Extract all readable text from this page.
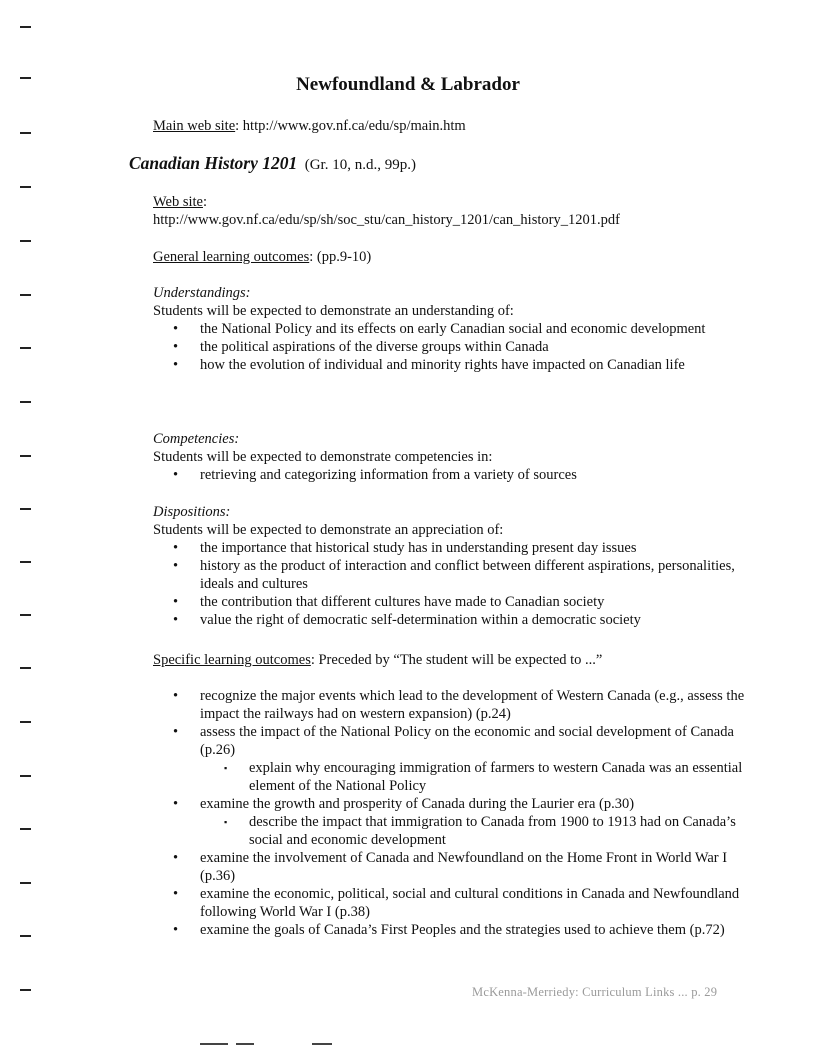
Newfoundland & Labrador
Main web site: http://www.gov.nf.ca/edu/sp/main.htm
Canadian History 1201 (Gr. 10, n.d., 99p.)
Web site:
http://www.gov.nf.ca/edu/sp/sh/soc_stu/can_history_1201/can_history_1201.pdf
General learning outcomes: (pp.9-10)
Understandings:
Students will be expected to demonstrate an understanding of:
• the National Policy and its effects on early Canadian social and economic development
• the political aspirations of the diverse groups within Canada
• how the evolution of individual and minority rights have impacted on Canadian life
Competencies:
Students will be expected to demonstrate competencies in:
• retrieving and categorizing information from a variety of sources
Dispositions:
Students will be expected to demonstrate an appreciation of:
• the importance that historical study has in understanding present day issues
• history as the product of interaction and conflict between different aspirations, personalities, ideals and cultures
• the contribution that different cultures have made to Canadian society
• value the right of democratic self-determination within a democratic society
Specific learning outcomes: Preceded by “The student will be expected to ...”
• recognize the major events which lead to the development of Western Canada (e.g., assess the impact the railways had on western expansion) (p.24)
• assess the impact of the National Policy on the economic and social development of Canada (p.26)
▪ explain why encouraging immigration of farmers to western Canada was an essential element of the National Policy
• examine the growth and prosperity of Canada during the Laurier era (p.30)
▪ describe the impact that immigration to Canada from 1900 to 1913 had on Canada’s social and economic development
• examine the involvement of Canada and Newfoundland on the Home Front in World War I (p.36)
• examine the economic, political, social and cultural conditions in Canada and Newfoundland following World War I (p.38)
• examine the goals of Canada’s First Peoples and the strategies used to achieve them (p.72)
McKenna-Merriedy: Curriculum Links ... p. 29
